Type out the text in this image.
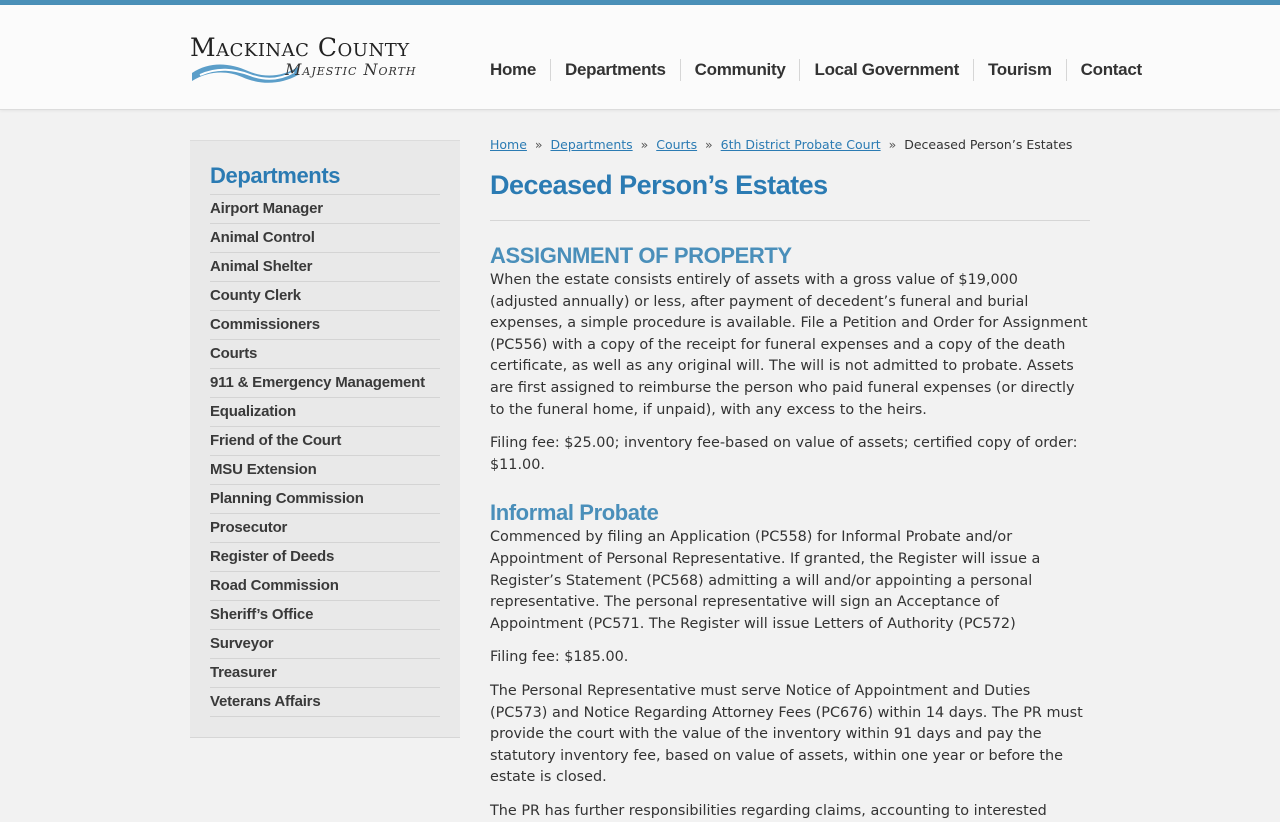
Mackinac County
Majestic North	Home	Departments	Community	Local Government	Tourism	Contact
Departments
Airport Manager
Animal Control
Animal Shelter
County Clerk
Commissioners
Courts
911 & Emergency Management
Equalization
Friend of the Court
MSU Extension
Planning Commission
Prosecutor
Register of Deeds
Road Commission
Sheriff’s Office
Surveyor
Treasurer
Veterans Affairs
Home  »  Departments  »  Courts  »  6th District Probate Court  »  Deceased Person’s Estates
Deceased Person’s Estates
ASSIGNMENT OF PROPERTY

When the estate consists entirely of assets with a gross value of $19,000 (adjusted annually) or less, after payment of decedent’s funeral and burial expenses, a simple procedure is available. File a Petition and Order for Assignment (PC556) with a copy of the receipt for funeral expenses and a copy of the death certificate, as well as any original will. The will is not admitted to probate. Assets are first assigned to reimburse the person who paid funeral expenses (or directly to the funeral home, if unpaid), with any excess to the heirs.

Filing fee: $25.00; inventory fee-based on value of assets; certified copy of order: $11.00.

Informal Probate

Commenced by filing an Application (PC558) for Informal Probate and/or Appointment of Personal Representative. If granted, the Register will issue a Register’s Statement (PC568) admitting a will and/or appointing a personal representative. The personal representative will sign an Acceptance of Appointment (PC571. The Register will issue Letters of Authority (PC572)

Filing fee: $185.00.

The Personal Representative must serve Notice of Appointment and Duties (PC573) and Notice Regarding Attorney Fees (PC676) within 14 days. The PR must provide the court with the value of the inventory within 91 days and pay the statutory inventory fee, based on value of assets, within one year or before the estate is closed.

The PR has further responsibilities regarding claims, accounting to interested
